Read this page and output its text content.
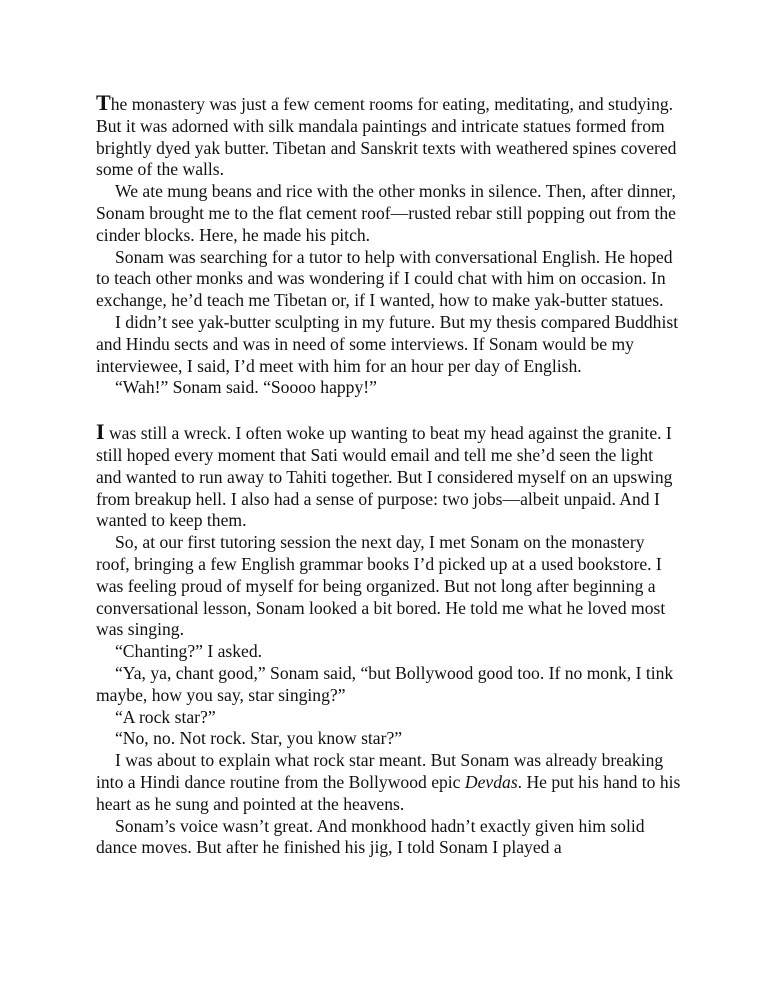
The monastery was just a few cement rooms for eating, meditating, and studying. But it was adorned with silk mandala paintings and intricate statues formed from brightly dyed yak butter. Tibetan and Sanskrit texts with weathered spines covered some of the walls.

We ate mung beans and rice with the other monks in silence. Then, after dinner, Sonam brought me to the flat cement roof—rusted rebar still popping out from the cinder blocks. Here, he made his pitch.

Sonam was searching for a tutor to help with conversational English. He hoped to teach other monks and was wondering if I could chat with him on occasion. In exchange, he’d teach me Tibetan or, if I wanted, how to make yak-butter statues.

I didn’t see yak-butter sculpting in my future. But my thesis compared Buddhist and Hindu sects and was in need of some interviews. If Sonam would be my interviewee, I said, I’d meet with him for an hour per day of English.

“Wah!” Sonam said. “Soooo happy!”

I was still a wreck. I often woke up wanting to beat my head against the granite. I still hoped every moment that Sati would email and tell me she’d seen the light and wanted to run away to Tahiti together. But I considered myself on an upswing from breakup hell. I also had a sense of purpose: two jobs—albeit unpaid. And I wanted to keep them.

So, at our first tutoring session the next day, I met Sonam on the monastery roof, bringing a few English grammar books I’d picked up at a used bookstore. I was feeling proud of myself for being organized. But not long after beginning a conversational lesson, Sonam looked a bit bored. He told me what he loved most was singing.

“Chanting?” I asked.

“Ya, ya, chant good,” Sonam said, “but Bollywood good too. If no monk, I tink maybe, how you say, star singing?”

“A rock star?”

“No, no. Not rock. Star, you know star?”

I was about to explain what rock star meant. But Sonam was already breaking into a Hindi dance routine from the Bollywood epic Devdas. He put his hand to his heart as he sung and pointed at the heavens.

Sonam’s voice wasn’t great. And monkhood hadn’t exactly given him solid dance moves. But after he finished his jig, I told Sonam I played a
